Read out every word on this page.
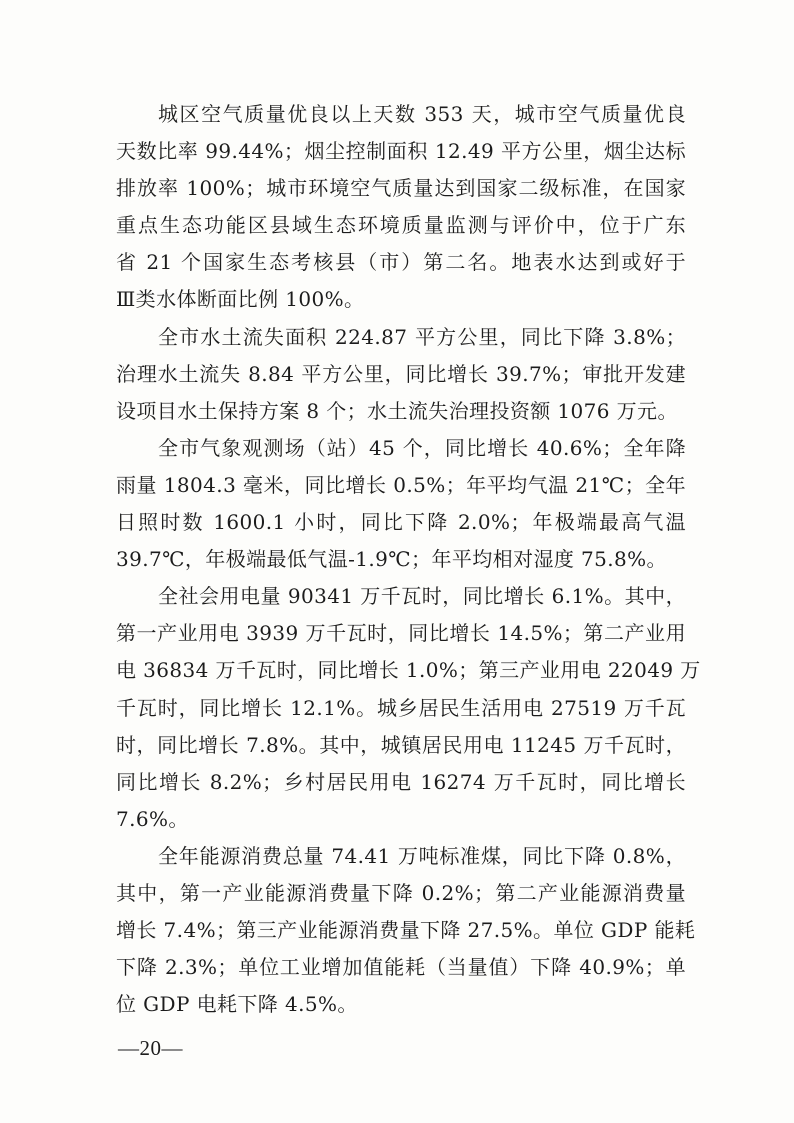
城区空气质量优良以上天数 353 天，城市空气质量优良
天数比率 99.44%；烟尘控制面积 12.49 平方公里，烟尘达标
排放率 100%；城市环境空气质量达到国家二级标准，在国家
重点生态功能区县域生态环境质量监测与评价中，位于广东
省 21 个国家生态考核县（市）第二名。地表水达到或好于
Ⅲ类水体断面比例 100%。
全市水土流失面积 224.87 平方公里，同比下降 3.8%；
治理水土流失 8.84 平方公里，同比增长 39.7%；审批开发建
设项目水土保持方案 8 个；水土流失治理投资额 1076 万元。
全市气象观测场（站）45 个，同比增长 40.6%；全年降
雨量 1804.3 毫米，同比增长 0.5%；年平均气温 21℃；全年
日照时数 1600.1 小时，同比下降 2.0%；年极端最高气温
39.7℃，年极端最低气温-1.9℃；年平均相对湿度 75.8%。
全社会用电量 90341 万千瓦时，同比增长 6.1%。其中，
第一产业用电 3939 万千瓦时，同比增长 14.5%；第二产业用
电 36834 万千瓦时，同比增长 1.0%；第三产业用电 22049 万
千瓦时，同比增长 12.1%。城乡居民生活用电 27519 万千瓦
时，同比增长 7.8%。其中，城镇居民用电 11245 万千瓦时，
同比增长 8.2%；乡村居民用电 16274 万千瓦时，同比增长
7.6%。
全年能源消费总量 74.41 万吨标准煤，同比下降 0.8%，
其中，第一产业能源消费量下降 0.2%；第二产业能源消费量
增长 7.4%；第三产业能源消费量下降 27.5%。单位 GDP 能耗
下降 2.3%；单位工业增加值能耗（当量值）下降 40.9%；单
位 GDP 电耗下降 4.5%。
—20—
